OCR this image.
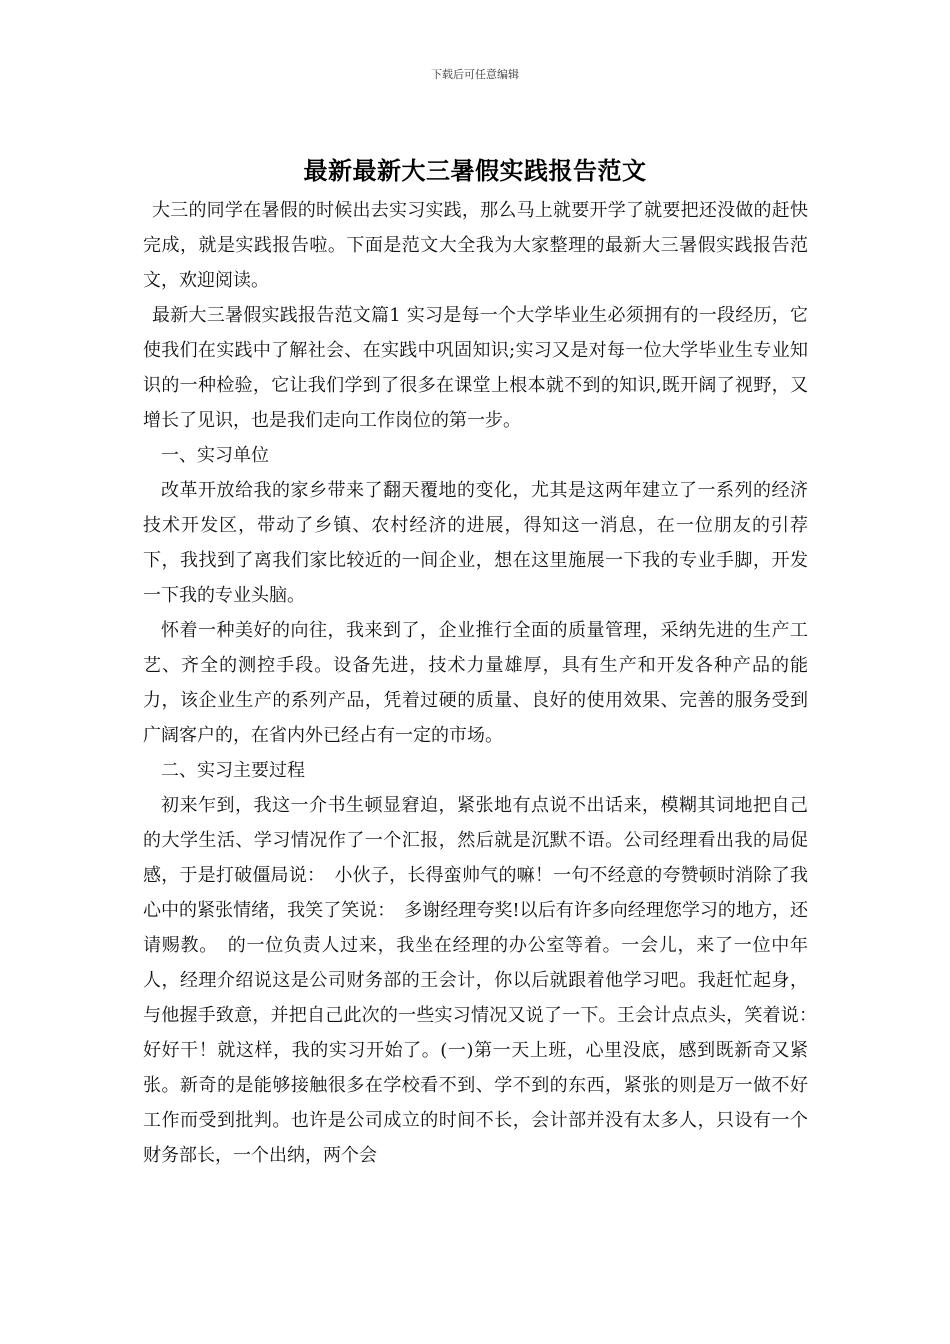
下载后可任意编辑
最新最新大三暑假实践报告范文

大三的同学在暑假的时候出去实习实践，那么马上就要开学了就要把还没做的赶快完成，就是实践报告啦。下面是范文大全我为大家整理的最新大三暑假实践报告范文，欢迎阅读。

最新大三暑假实践报告范文篇1 实习是每一个大学毕业生必须拥有的一段经历，它使我们在实践中了解社会、在实践中巩固知识;实习又是对每一位大学毕业生专业知识的一种检验，它让我们学到了很多在课堂上根本就不到的知识,既开阔了视野，又增长了见识，也是我们走向工作岗位的第一步。

一、实习单位

改革开放给我的家乡带来了翻天覆地的变化，尤其是这两年建立了一系列的经济技术开发区，带动了乡镇、农村经济的进展，得知这一消息，在一位朋友的引荐下，我找到了离我们家比较近的一间企业，想在这里施展一下我的专业手脚，开发一下我的专业头脑。

怀着一种美好的向往，我来到了，企业推行全面的质量管理，采纳先进的生产工艺、齐全的测控手段。设备先进，技术力量雄厚，具有生产和开发各种产品的能力，该企业生产的系列产品，凭着过硬的质量、良好的使用效果、完善的服务受到广阔客户的，在省内外已经占有一定的市场。

二、实习主要过程

初来乍到，我这一介书生顿显窘迫，紧张地有点说不出话来，模糊其词地把自己的大学生活、学习情况作了一个汇报，然后就是沉默不语。公司经理看出我的局促感，于是打破僵局说：　小伙子，长得蛮帅气的嘛！一句不经意的夸赞顿时消除了我心中的紧张情绪，我笑了笑说：　多谢经理夸奖!以后有许多向经理您学习的地方，还请赐教。　的一位负责人过来，我坐在经理的办公室等着。一会儿，来了一位中年人，经理介绍说这是公司财务部的王会计，你以后就跟着他学习吧。我赶忙起身，与他握手致意，并把自己此次的一些实习情况又说了一下。王会计点点头，笑着说：　好好干！就这样，我的实习开始了。(一)第一天上班，心里没底，感到既新奇又紧张。新奇的是能够接触很多在学校看不到、学不到的东西，紧张的则是万一做不好工作而受到批判。也许是公司成立的时间不长，会计部并没有太多人，只设有一个财务部长，一个出纳，两个会
